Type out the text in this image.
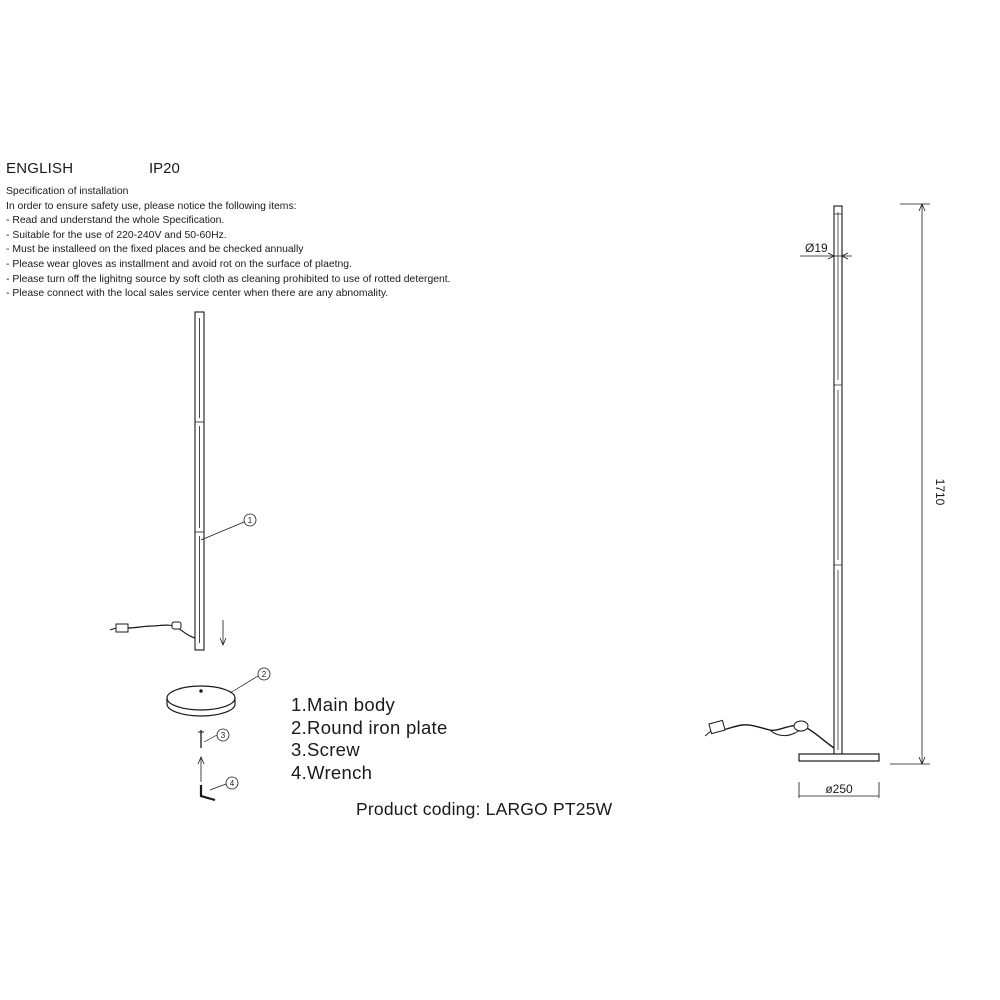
ENGLISH	IP20
Specification of installation
In order to ensure safety use, please notice the following items:
- Read and understand the whole Specification.
- Suitable for the use of 220-240V and 50-60Hz.
- Must be installeed on the fixed places and be checked annually
- Please wear gloves as installment and avoid rot on the surface of plaetng.
- Please turn off the lighitng source by soft cloth as cleaning prohibited to use of rotted detergent.
- Please connect with the local sales service center when there are any abnomality.
1
2
3
4
Ø19
1710
ø250
1.Main body
2.Round iron plate
3.Screw
4.Wrench
Product coding: LARGO PT25W
